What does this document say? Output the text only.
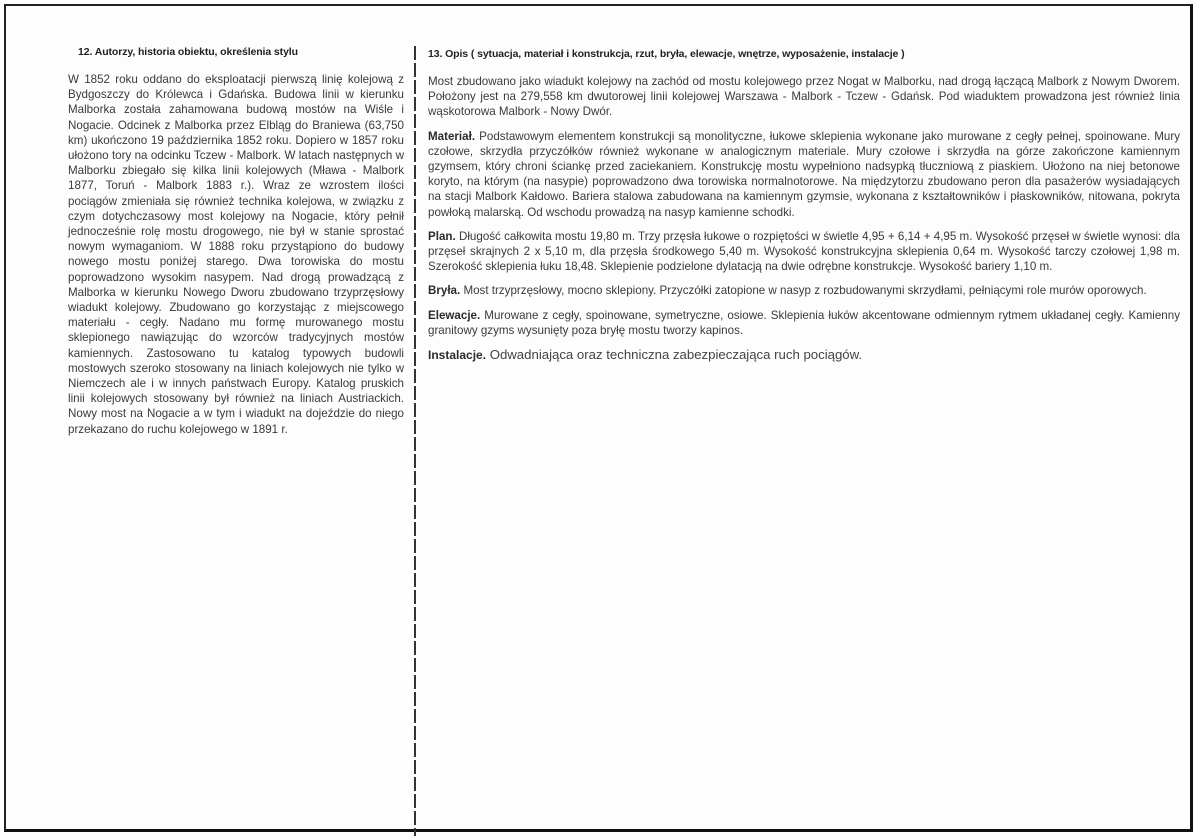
12. Autorzy, historia obiektu, określenia stylu

W 1852 roku oddano do eksploatacji pierwszą linię kolejową z Bydgoszczy do Królewca i Gdańska. Budowa linii w kierunku Malborka została zahamowana budową mostów na Wiśle i Nogacie. Odcinek z Malborka przez Elbląg do Braniewa (63,750 km) ukończono 19 października 1852 roku. Dopiero w 1857 roku ułożono tory na odcinku Tczew - Malbork. W latach następnych w Malborku zbiegało się kilka linii kolejowych (Mława - Malbork 1877, Toruń - Malbork 1883 r.). Wraz ze wzrostem ilości pociągów zmieniała się również technika kolejowa, w związku z czym dotychczasowy most kolejowy na Nogacie, który pełnił jednocześnie rolę mostu drogowego, nie był w stanie sprostać nowym wymaganiom. W 1888 roku przystąpiono do budowy nowego mostu poniżej starego. Dwa torowiska do mostu poprowadzono wysokim nasypem. Nad drogą prowadzącą z Malborka w kierunku Nowego Dworu zbudowano trzyprzęsłowy wiadukt kolejowy. Zbudowano go korzystając z miejscowego materiału - cegły. Nadano mu formę murowanego mostu sklepionego nawiązując do wzorców tradycyjnych mostów kamiennych. Zastosowano tu katalog typowych budowli mostowych szeroko stosowany na liniach kolejowych nie tylko w Niemczech ale i w innych państwach Europy. Katalog pruskich linii kolejowych stosowany był również na liniach Austriackich. Nowy most na Nogacie a w tym i wiadukt na dojeździe do niego przekazano do ruchu kolejowego w 1891 r.

13. Opis ( sytuacja, materiał i konstrukcja, rzut, bryła, elewacje, wnętrze, wyposażenie, instalacje )

Most zbudowano jako wiadukt kolejowy na zachód od mostu kolejowego przez Nogat w Malborku, nad drogą łączącą Malbork z Nowym Dworem. Położony jest na 279,558 km dwutorowej linii kolejowej Warszawa - Malbork - Tczew - Gdańsk. Pod wiaduktem prowadzona jest również linia wąskotorowa Malbork - Nowy Dwór.

Materiał. Podstawowym elementem konstrukcji są monolityczne, łukowe sklepienia wykonane jako murowane z cegły pełnej, spoinowane. Mury czołowe, skrzydła przyczółków również wykonane w analogicznym materiale. Mury czołowe i skrzydła na górze zakończone kamiennym gzymsem, który chroni ściankę przed zaciekaniem. Konstrukcję mostu wypełniono nadsypką tłuczniową z piaskiem. Ułożono na niej betonowe koryto, na którym (na nasypie) poprowadzono dwa torowiska normalnotorowe. Na międzytorzu zbudowano peron dla pasażerów wysiadających na stacji Malbork Kałdowo. Bariera stalowa zabudowana na kamiennym gzymsie, wykonana z kształtowników i płaskowników, nitowana, pokryta powłoką malarską. Od wschodu prowadzą na nasyp kamienne schodki.

Plan. Długość całkowita mostu 19,80 m. Trzy przęsła łukowe o rozpiętości w świetle 4,95 + 6,14 + 4,95 m. Wysokość przęseł w świetle wynosi: dla przęseł skrajnych 2 x 5,10 m, dla przęsła środkowego 5,40 m. Wysokość konstrukcyjna sklepienia 0,64 m. Wysokość tarczy czołowej 1,98 m. Szerokość sklepienia łuku 18,48. Sklepienie podzielone dylatacją na dwie odrębne konstrukcje. Wysokość bariery 1,10 m.

Bryła. Most trzyprzęsłowy, mocno sklepiony. Przyczółki zatopione w nasyp z rozbudowanymi skrzydłami, pełniącymi role murów oporowych.

Elewacje. Murowane z cegły, spoinowane, symetryczne, osiowe. Sklepienia łuków akcentowane odmiennym rytmem układanej cegły. Kamienny granitowy gzyms wysunięty poza bryłę mostu tworzy kapinos.

Instalacje. Odwadniająca oraz techniczna zabezpieczająca ruch pociągów.
